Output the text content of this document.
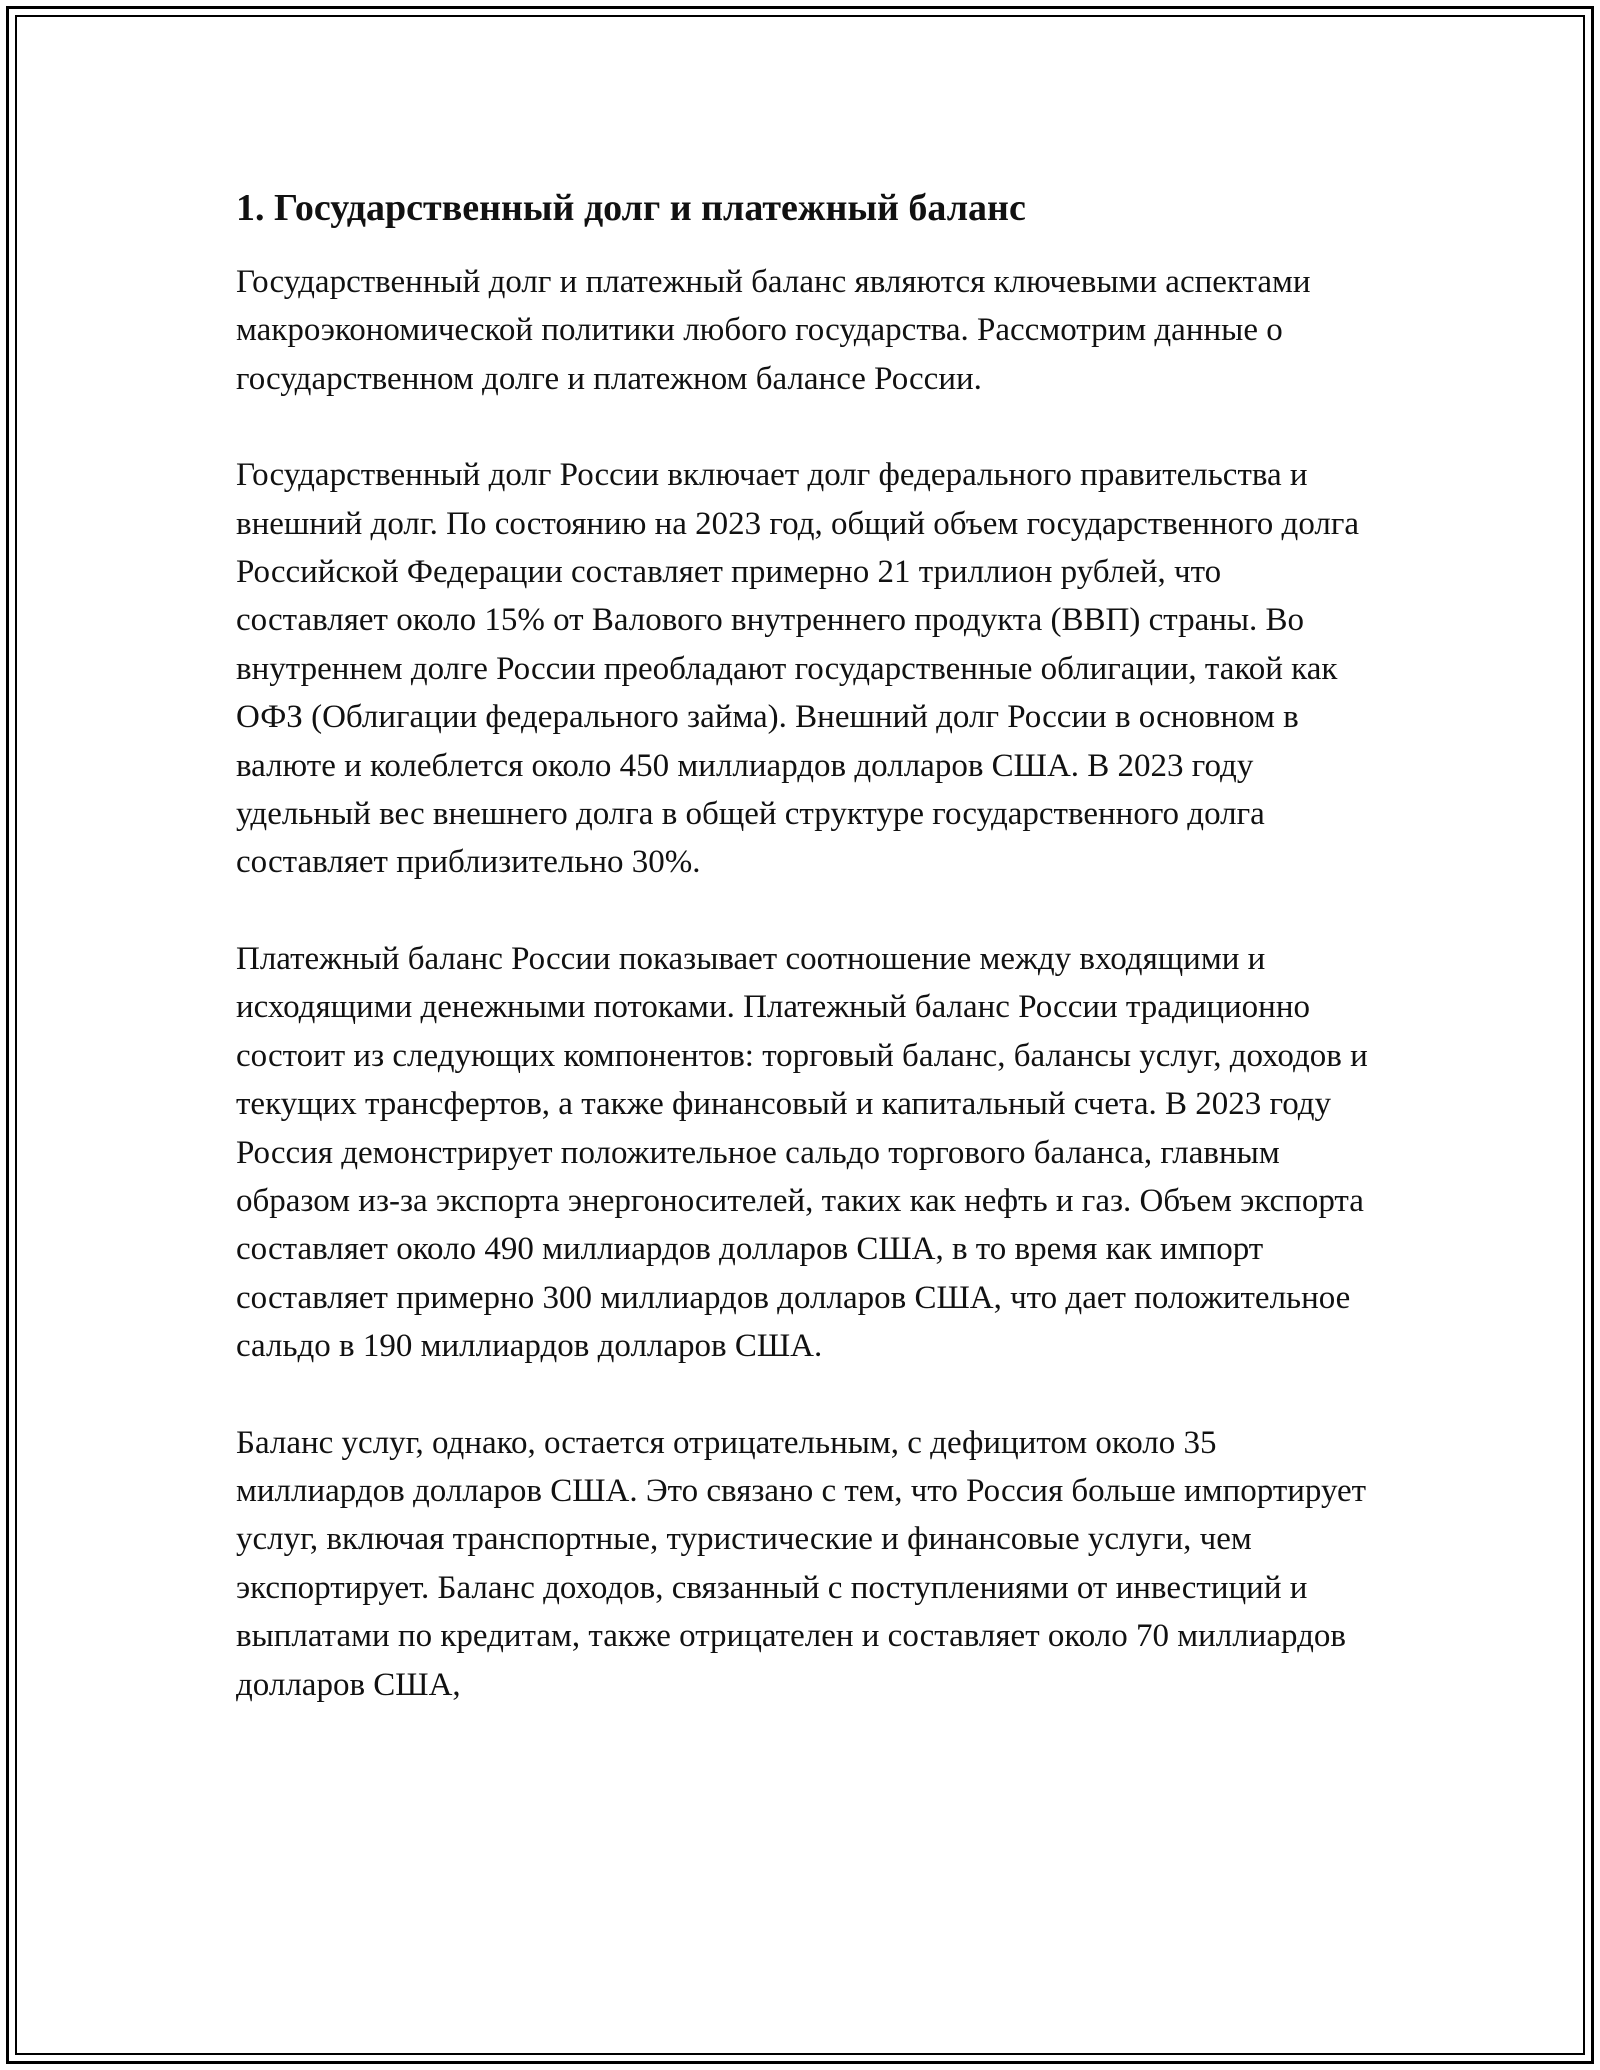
1. Государственный долг и платежный баланс

Государственный долг и платежный баланс являются ключевыми аспектами макроэкономической политики любого государства. Рассмотрим данные о государственном долге и платежном балансе России.

Государственный долг России включает долг федерального правительства и внешний долг. По состоянию на 2023 год, общий объем государственного долга Российской Федерации составляет примерно 21 триллион рублей, что составляет около 15% от Валового внутреннего продукта (ВВП) страны. Во внутреннем долге России преобладают государственные облигации, такой как ОФЗ (Облигации федерального займа). Внешний долг России в основном в валюте и колеблется около 450 миллиардов долларов США. В 2023 году удельный вес внешнего долга в общей структуре государственного долга составляет приблизительно 30%.

Платежный баланс России показывает соотношение между входящими и исходящими денежными потоками. Платежный баланс России традиционно состоит из следующих компонентов: торговый баланс, балансы услуг, доходов и текущих трансфертов, а также финансовый и капитальный счета. В 2023 году Россия демонстрирует положительное сальдо торгового баланса, главным образом из-за экспорта энергоносителей, таких как нефть и газ. Объем экспорта составляет около 490 миллиардов долларов США, в то время как импорт составляет примерно 300 миллиардов долларов США, что дает положительное сальдо в 190 миллиардов долларов США.

Баланс услуг, однако, остается отрицательным, с дефицитом около 35 миллиардов долларов США. Это связано с тем, что Россия больше импортирует услуг, включая транспортные, туристические и финансовые услуги, чем экспортирует. Баланс доходов, связанный с поступлениями от инвестиций и выплатами по кредитам, также отрицателен и составляет около 70 миллиардов долларов США,
